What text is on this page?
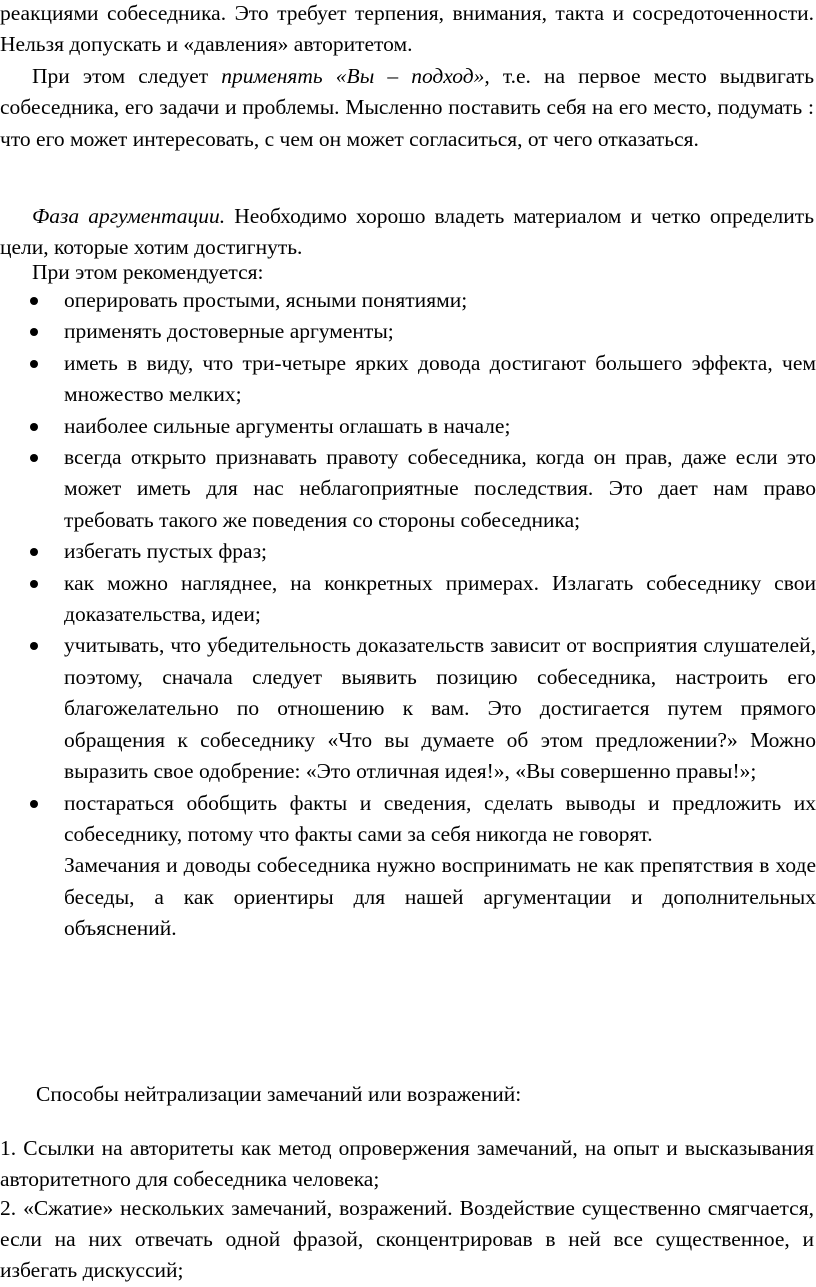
реакциями собеседника. Это требует терпения, внимания, такта и сосредоточенности. Нельзя допускать и «давления» авторитетом.

При этом следует применять «Вы – подход», т.е. на первое место выдвигать собеседника, его задачи и проблемы. Мысленно поставить себя на его место, подумать : что его может интересовать, с чем он может согласиться, от чего отказаться.

Фаза аргументации. Необходимо хорошо владеть материалом и четко определить цели, которые хотим достигнуть.

При этом рекомендуется:

оперировать простыми, ясными понятиями;
применять достоверные аргументы;
иметь в виду, что три-четыре ярких довода достигают большего эффекта, чем множество мелких;
наиболее сильные аргументы оглашать в начале;
всегда открыто признавать правоту собеседника, когда он прав, даже если это может иметь для нас неблагоприятные последствия. Это дает нам право требовать такого же поведения со стороны собеседника;
избегать пустых фраз;
как можно нагляднее, на конкретных примерах. Излагать собеседнику свои доказательства, идеи;
учитывать, что убедительность доказательств зависит от восприятия слушателей, поэтому, сначала следует выявить позицию собеседника, настроить его благожелательно по отношению к вам. Это достигается путем прямого обращения к собеседнику «Что вы думаете об этом предложении?» Можно выразить свое одобрение: «Это отличная идея!», «Вы совершенно правы!»;
постараться обобщить факты и сведения, сделать выводы и предложить их собеседнику, потому что факты сами за себя никогда не говорят.
Замечания и доводы собеседника нужно воспринимать не как препятствия в ходе беседы, а как ориентиры для нашей аргументации и дополнительных объяснений.

Способы нейтрализации замечаний или возражений:

1. Ссылки на авторитеты как метод опровержения замечаний, на опыт и высказывания авторитетного для собеседника человека;

2. «Сжатие» нескольких замечаний, возражений. Воздействие существенно смягчается, если на них отвечать одной фразой, сконцентрировав в ней все существенное, и избегать дискуссий;
